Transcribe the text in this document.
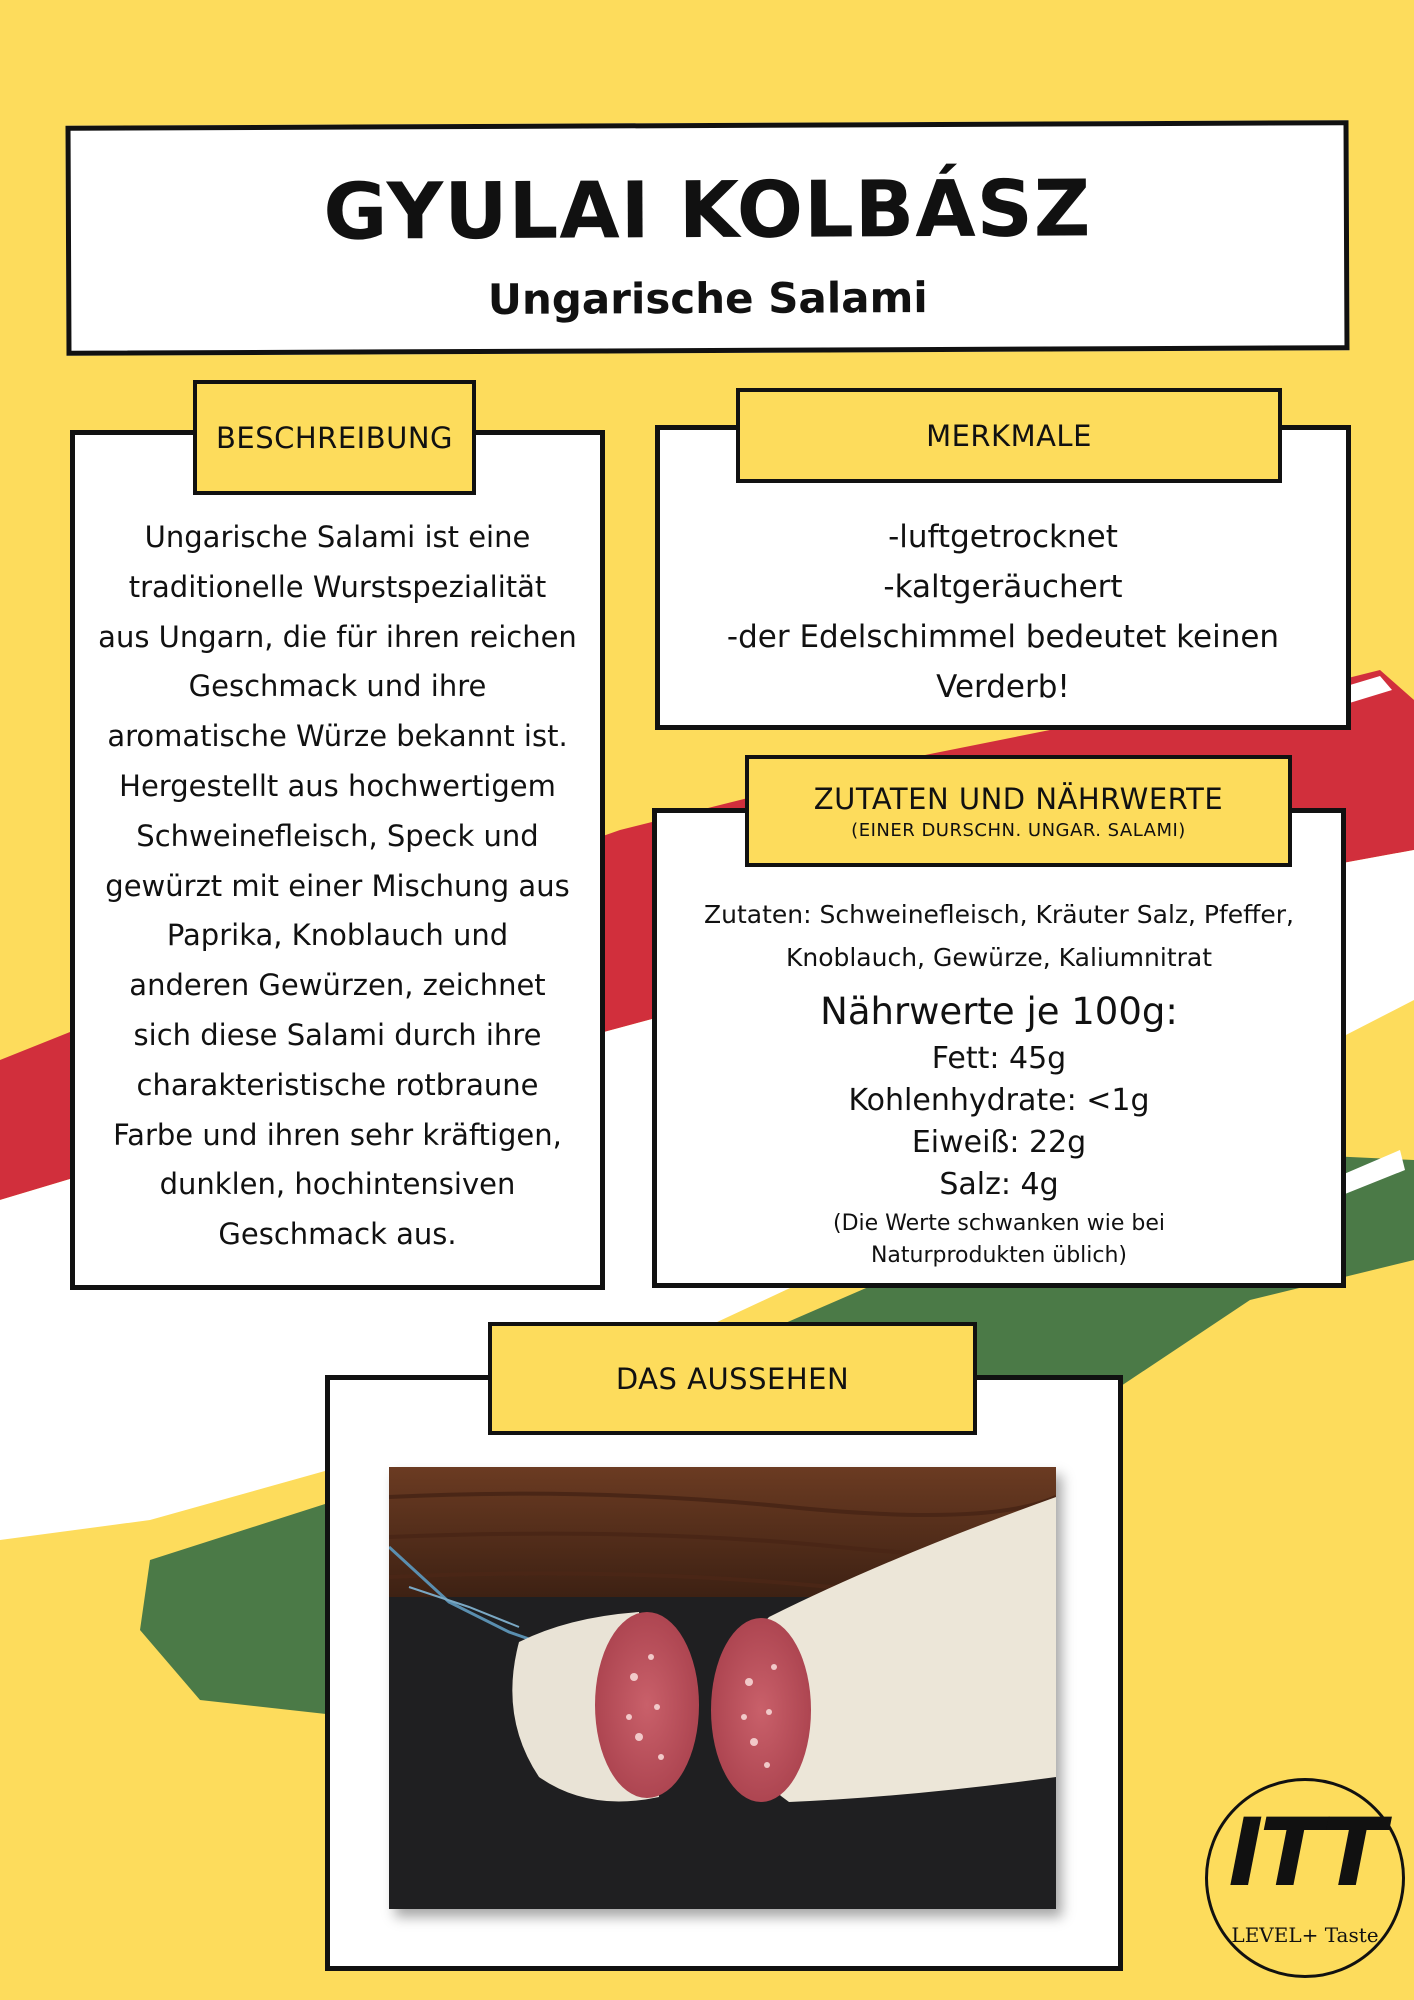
GYULAI KOLBÁSZ
Ungarische Salami
Ungarische Salami ist eine
traditionelle Wurstspezialität
aus Ungarn, die für ihren reichen
Geschmack und ihre
aromatische Würze bekannt ist.
Hergestellt aus hochwertigem
Schweinefleisch, Speck und
gewürzt mit einer Mischung aus
Paprika, Knoblauch und
anderen Gewürzen, zeichnet
sich diese Salami durch ihre
charakteristische rotbraune
Farbe und ihren sehr kräftigen,
dunklen, hochintensiven
Geschmack aus.
BESCHREIBUNG
-luftgetrocknet
-kaltgeräuchert
-der Edelschimmel bedeutet keinen
Verderb!
MERKMALE
Zutaten: Schweinefleisch, Kräuter Salz, Pfeffer,
Knoblauch, Gewürze, Kaliumnitrat
Nährwerte je 100g:
Fett: 45g
Kohlenhydrate: <1g
Eiweiß: 22g
Salz: 4g
(Die Werte schwanken wie bei
Naturprodukten üblich)
ZUTATEN UND NÄHRWERTE
(EINER DURSCHN. UNGAR. SALAMI)
DAS AUSSEHEN
ITT
LEVEL+ Taste
